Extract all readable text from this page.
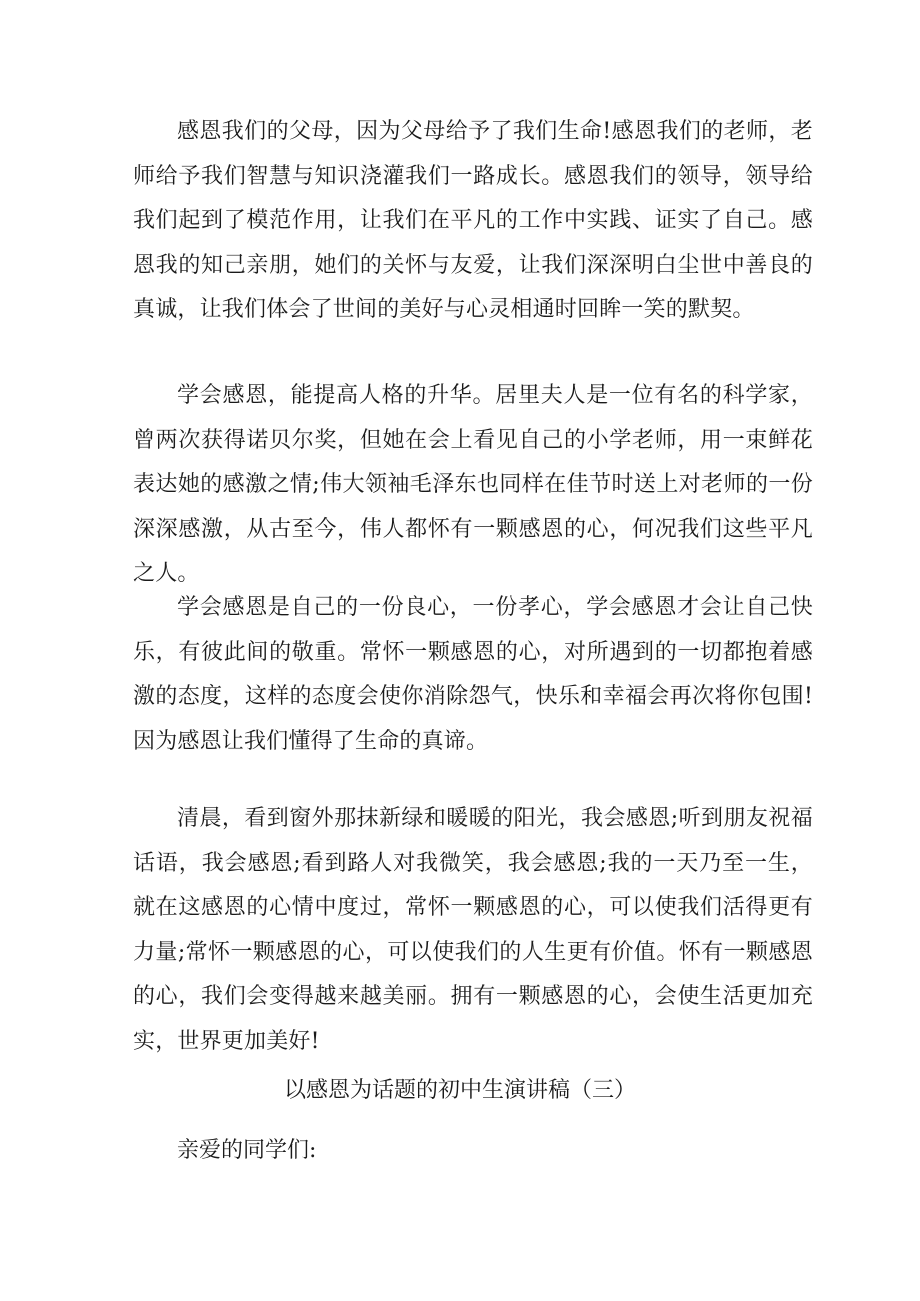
感恩我们的父母，因为父母给予了我们生命!感恩我们的老师，老师给予我们智慧与知识浇灌我们一路成长。感恩我们的领导，领导给我们起到了模范作用，让我们在平凡的工作中实践、证实了自己。感恩我的知己亲朋，她们的关怀与友爱，让我们深深明白尘世中善良的真诚，让我们体会了世间的美好与心灵相通时回眸一笑的默契。

学会感恩，能提高人格的升华。居里夫人是一位有名的科学家，曾两次获得诺贝尔奖，但她在会上看见自己的小学老师，用一束鲜花表达她的感激之情;伟大领袖毛泽东也同样在佳节时送上对老师的一份深深感激，从古至今，伟人都怀有一颗感恩的心，何况我们这些平凡之人。

学会感恩是自己的一份良心，一份孝心，学会感恩才会让自己快乐，有彼此间的敬重。常怀一颗感恩的心，对所遇到的一切都抱着感激的态度，这样的态度会使你消除怨气，快乐和幸福会再次将你包围!因为感恩让我们懂得了生命的真谛。

清晨，看到窗外那抹新绿和暖暖的阳光，我会感恩;听到朋友祝福话语，我会感恩;看到路人对我微笑，我会感恩;我的一天乃至一生，就在这感恩的心情中度过，常怀一颗感恩的心，可以使我们活得更有力量;常怀一颗感恩的心，可以使我们的人生更有价值。怀有一颗感恩的心，我们会变得越来越美丽。拥有一颗感恩的心，会使生活更加充实，世界更加美好!

以感恩为话题的初中生演讲稿（三）

亲爱的同学们:
